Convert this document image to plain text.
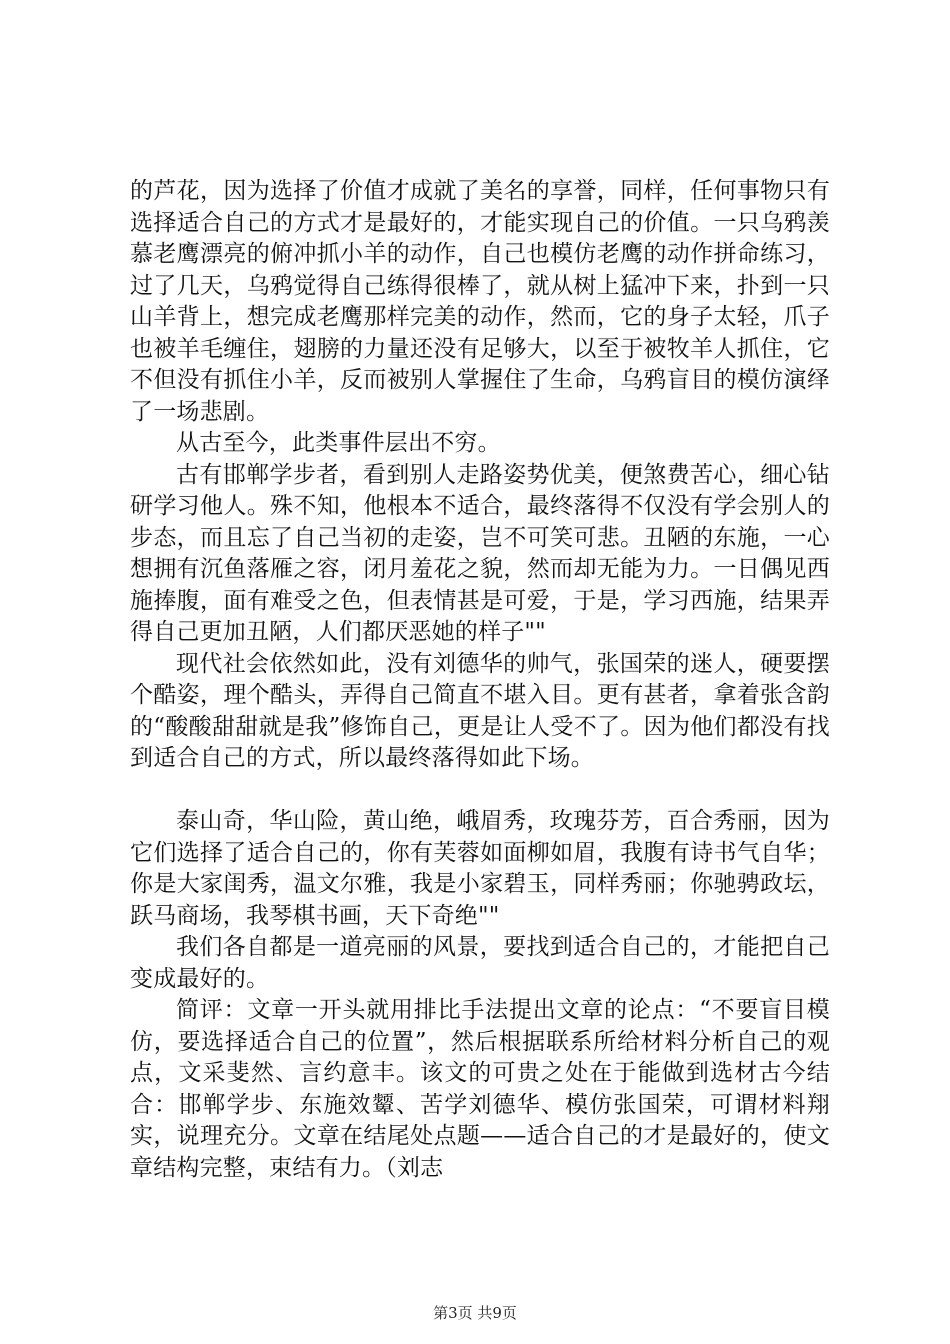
的芦花，因为选择了价值才成就了美名的享誉，同样，任何事物只有选择适合自己的方式才是最好的，才能实现自己的价值。一只乌鸦羡慕老鹰漂亮的俯冲抓小羊的动作，自己也模仿老鹰的动作拼命练习，过了几天，乌鸦觉得自己练得很棒了，就从树上猛冲下来，扑到一只山羊背上，想完成老鹰那样完美的动作，然而，它的身子太轻，爪子也被羊毛缠住，翅膀的力量还没有足够大，以至于被牧羊人抓住，它不但没有抓住小羊，反而被别人掌握住了生命，乌鸦盲目的模仿演绎了一场悲剧。

从古至今，此类事件层出不穷。

古有邯郸学步者，看到别人走路姿势优美，便煞费苦心，细心钻研学习他人。殊不知，他根本不适合，最终落得不仅没有学会别人的步态，而且忘了自己当初的走姿，岂不可笑可悲。丑陋的东施，一心想拥有沉鱼落雁之容，闭月羞花之貌，然而却无能为力。一日偶见西施捧腹，面有难受之色，但表情甚是可爱，于是，学习西施，结果弄得自己更加丑陋，人们都厌恶她的样子""

现代社会依然如此，没有刘德华的帅气，张国荣的迷人，硬要摆个酷姿，理个酷头，弄得自己简直不堪入目。更有甚者，拿着张含韵的“酸酸甜甜就是我”修饰自己，更是让人受不了。因为他们都没有找到适合自己的方式，所以最终落得如此下场。

泰山奇，华山险，黄山绝，峨眉秀，玫瑰芬芳，百合秀丽，因为它们选择了适合自己的，你有芙蓉如面柳如眉，我腹有诗书气自华；你是大家闺秀，温文尔雅，我是小家碧玉，同样秀丽；你驰骋政坛，跃马商场，我琴棋书画，天下奇绝""

我们各自都是一道亮丽的风景，要找到适合自己的，才能把自己变成最好的。

简评：文章一开头就用排比手法提出文章的论点：“不要盲目模仿，要选择适合自己的位置”，然后根据联系所给材料分析自己的观点，文采斐然、言约意丰。该文的可贵之处在于能做到选材古今结合：邯郸学步、东施效颦、苦学刘德华、模仿张国荣，可谓材料翔实，说理充分。文章在结尾处点题——适合自己的才是最好的，使文章结构完整，束结有力。（刘志

第3页 共9页
